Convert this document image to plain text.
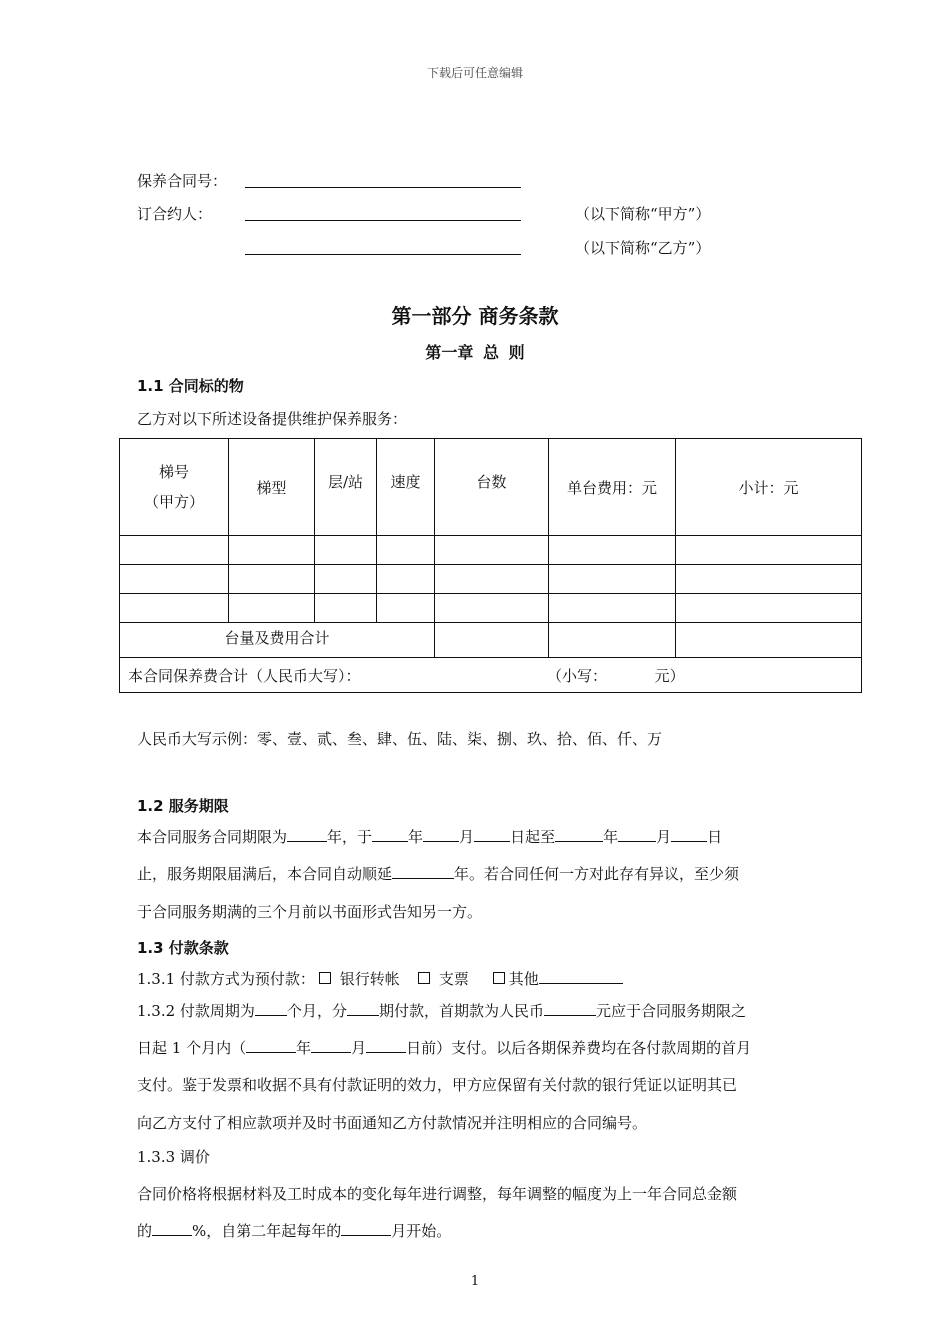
下载后可任意编辑
保养合同号：
订合约人：	（以下简称“甲方”）
（以下简称“乙方”）
第一部分 商务条款
第一章 总 则
1.1 合同标的物
乙方对以下所述设备提供维护保养服务：
梯号
（甲方）	梯型	层/站	速度	台数	单台费用：元	小计：元

台量及费用合计						

本合同保养费合计（人民币大写）： （小写：          元）						
人民币大写示例：零、壹、贰、叁、肆、伍、陆、柒、捌、玖、拾、佰、仟、万
1.2 服务期限
本合同服务合同期限为	年，于 年 月 日起至	年	月 日
止，服务期限届满后，本合同自动顺延	年。若合同任何一方对此存有异议，至少须
于合同服务期满的三个月前以书面形式告知另一方。
1.3 付款条款
1.3.1 付款方式为预付款： 银行转帐	支票	其他
1.3.2 付款周期为 个月，分 期付款，首期款为人民币	元应于合同服务期限之
日起 1 个月内（	年	月	日前）支付。以后各期保养费均在各付款周期的首月
支付。鉴于发票和收据不具有付款证明的效力，甲方应保留有关付款的银行凭证以证明其已
向乙方支付了相应款项并及时书面通知乙方付款情况并注明相应的合同编号。
1.3.3 调价
合同价格将根据材料及工时成本的变化每年进行调整，每年调整的幅度为上一年合同总金额
的	%，自第二年起每年的	月开始。
1
